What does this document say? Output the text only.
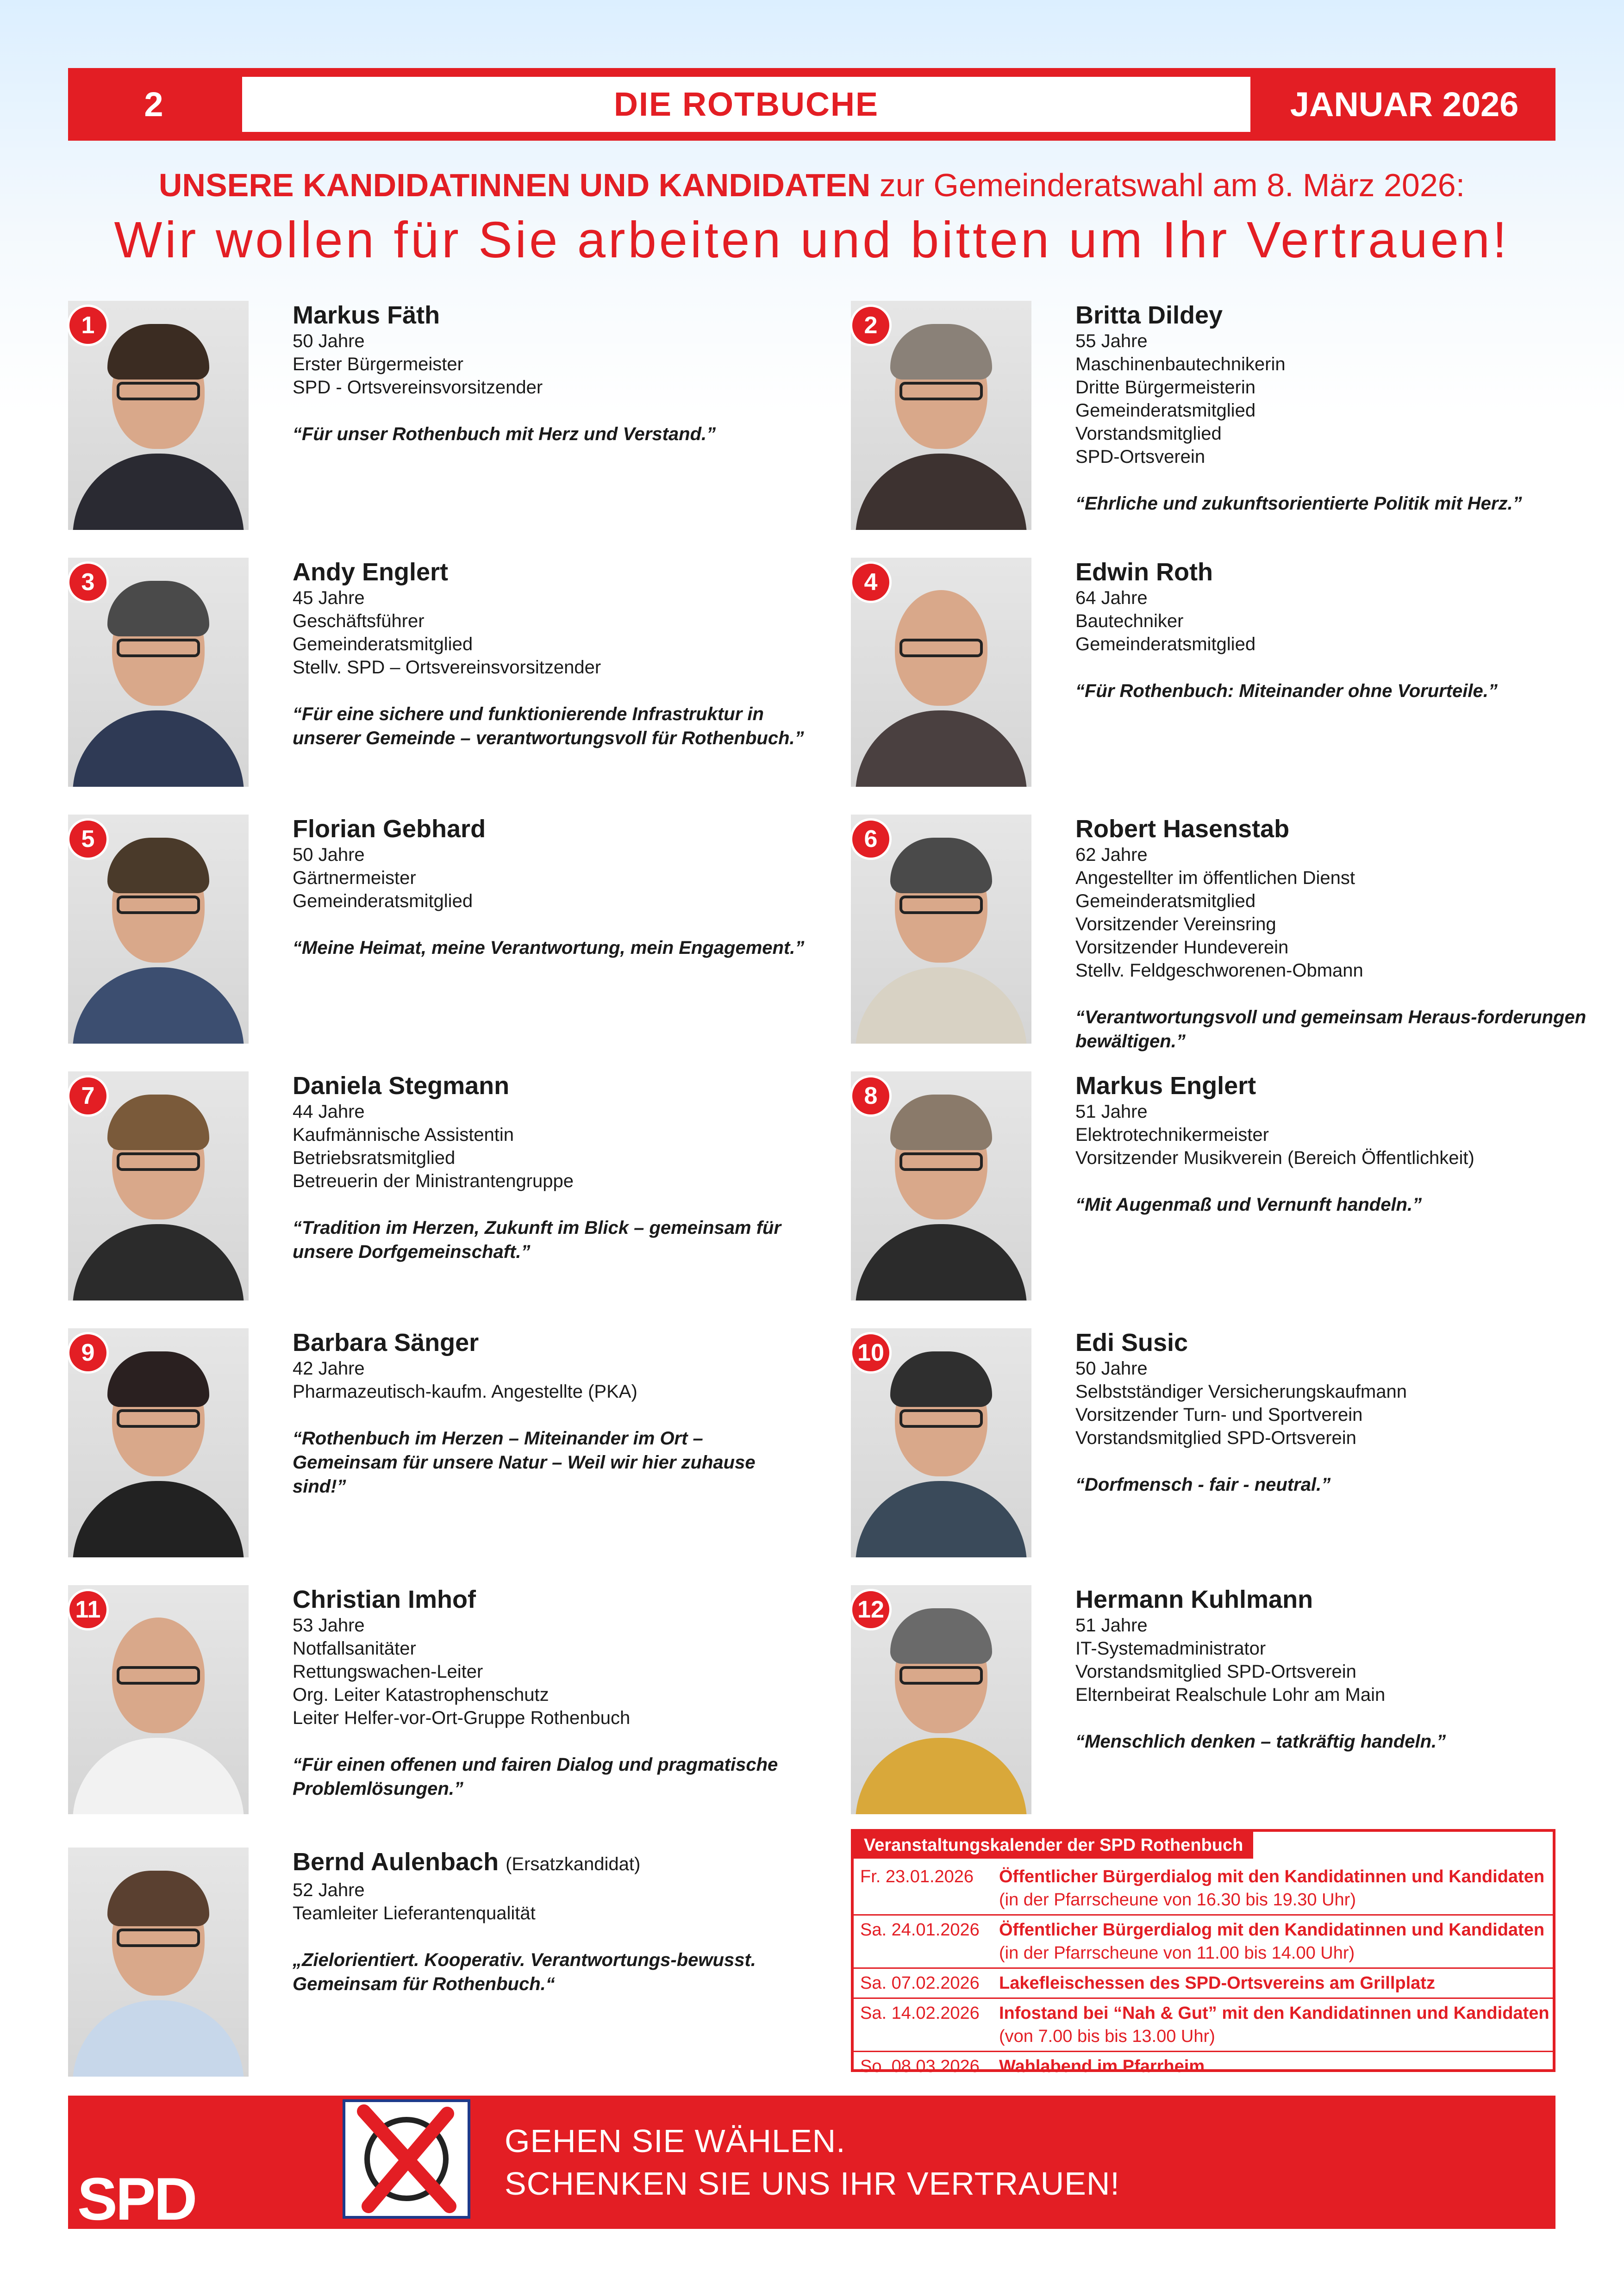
2	DIE ROTBUCHE	JANUAR 2026
UNSERE KANDIDATINNEN UND KANDIDATEN zur Gemeinderatswahl am 8. März 2026:
Wir wollen für Sie arbeiten und bitten um Ihr Vertrauen!
1	Markus Fäth
50 Jahre
Erster Bürgermeister
SPD - Ortsvereinsvorsitzender
“Für unser Rothenbuch mit Herz und Verstand.”
2	Britta Dildey
55 Jahre
Maschinenbautechnikerin
Dritte Bürgermeisterin
Gemeinderatsmitglied
Vorstandsmitglied
SPD-Ortsverein
“Ehrliche und zukunftsorientierte Politik mit Herz.”
3	Andy Englert
45 Jahre
Geschäftsführer
Gemeinderatsmitglied
Stellv. SPD – Ortsvereinsvorsitzender
“Für eine sichere und funktionierende Infrastruktur in unserer Gemeinde – verantwortungsvoll für Rothenbuch.”
4	Edwin Roth
64 Jahre
Bautechniker
Gemeinderatsmitglied
“Für Rothenbuch: Miteinander ohne Vorurteile.”
5	Florian Gebhard
50 Jahre
Gärtnermeister
Gemeinderatsmitglied
“Meine Heimat, meine Verantwortung, mein Engagement.”
6	Robert Hasenstab
62 Jahre
Angestellter im öffentlichen Dienst
Gemeinderatsmitglied
Vorsitzender Vereinsring
Vorsitzender Hundeverein
Stellv. Feldgeschworenen-Obmann
“Verantwortungsvoll und gemeinsam Heraus-forderungen bewältigen.”
7	Daniela Stegmann
44 Jahre
Kaufmännische Assistentin
Betriebsratsmitglied
Betreuerin der Ministrantengruppe
“Tradition im Herzen, Zukunft im Blick – gemeinsam für unsere Dorfgemeinschaft.”
8	Markus Englert
51 Jahre
Elektrotechnikermeister
Vorsitzender Musikverein (Bereich Öffentlichkeit)
“Mit Augenmaß und Vernunft handeln.”
9	Barbara Sänger
42 Jahre
Pharmazeutisch-kaufm. Angestellte (PKA)
“Rothenbuch im Herzen – Miteinander im Ort – Gemeinsam für unsere Natur – Weil wir hier zuhause sind!”
10	Edi Susic
50 Jahre
Selbstständiger Versicherungskaufmann
Vorsitzender Turn- und Sportverein
Vorstandsmitglied SPD-Ortsverein
“Dorfmensch - fair - neutral.”
11	Christian Imhof
53 Jahre
Notfallsanitäter
Rettungswachen-Leiter
Org. Leiter Katastrophenschutz
Leiter Helfer-vor-Ort-Gruppe Rothenbuch
“Für einen offenen und fairen Dialog und pragmatische Problemlösungen.”
12	Hermann Kuhlmann
51 Jahre
IT-Systemadministrator
Vorstandsmitglied SPD-Ortsverein
Elternbeirat Realschule Lohr am Main
“Menschlich denken – tatkräftig handeln.”
Bernd Aulenbach (Ersatzkandidat)
52 Jahre
Teamleiter Lieferantenqualität
„Zielorientiert. Kooperativ. Verantwortungs-bewusst. Gemeinsam für Rothenbuch.“
Veranstaltungskalender der SPD Rothenbuch
Fr. 23.01.2026	Öffentlicher Bürgerdialog mit den Kandidatinnen und Kandidaten
(in der Pfarrscheune von 16.30 bis 19.30 Uhr)
Sa. 24.01.2026	Öffentlicher Bürgerdialog mit den Kandidatinnen und Kandidaten
(in der Pfarrscheune von 11.00 bis 14.00 Uhr)
Sa. 07.02.2026	Lakefleischessen des SPD-Ortsvereins am Grillplatz
Sa. 14.02.2026	Infostand bei “Nah & Gut” mit den Kandidatinnen und Kandidaten
(von 7.00 bis bis 13.00 Uhr)
So. 08.03.2026	Wahlabend im Pfarrheim
SPD
GEHEN SIE WÄHLEN.
SCHENKEN SIE UNS IHR VERTRAUEN!
